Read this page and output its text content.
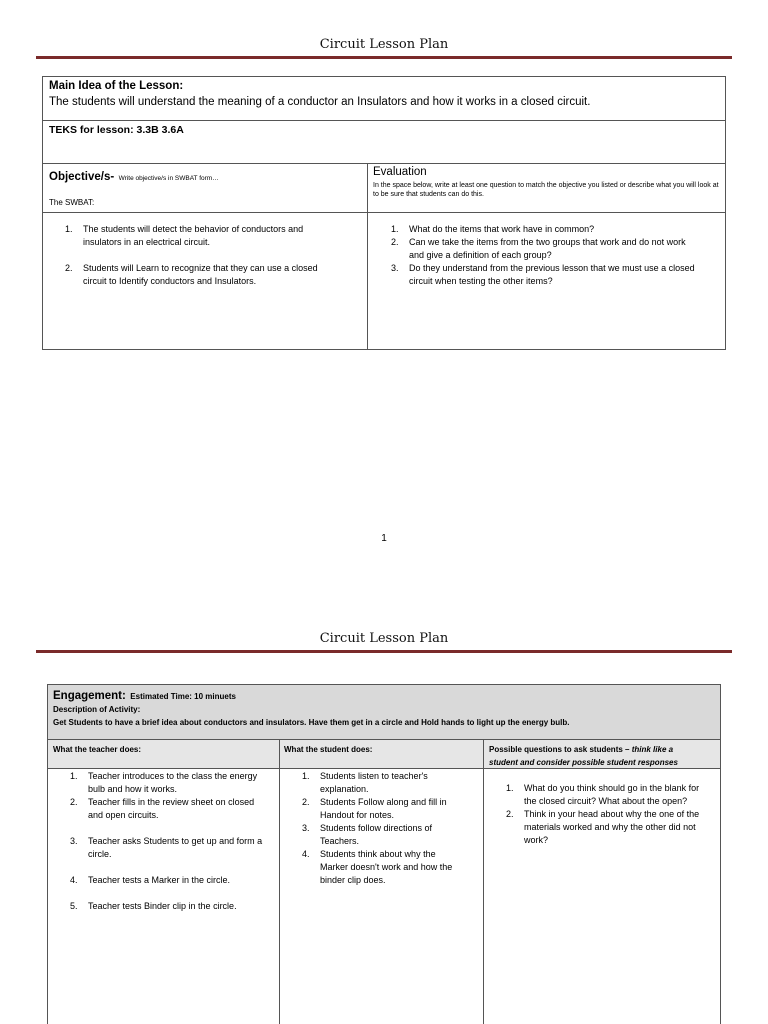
Circuit Lesson Plan
Main Idea of the Lesson:
The students will understand the meaning of a conductor an Insulators and how it works in a closed circuit.
TEKS for lesson: 3.3B 3.6A
Objective/s- Write objective/s in SWBAT form…
The SWBAT:
Evaluation
In the space below, write at least one question to match the objective you listed or describe what you will look at to be sure that students can do this.
1. The students will detect the behavior of conductors and
insulators in an electrical circuit.
2. Students will Learn to recognize that they can use a closed
circuit to Identify conductors and Insulators.
1. What do the items that work have in common?
2. Can we take the items from the two groups that work and do not work
and give a definition of each group?
3. Do they understand from the previous lesson that we must use a closed
circuit when testing the other items?
1
Circuit Lesson Plan
Engagement: Estimated Time: 10 minuets
Description of Activity:
Get Students to have a brief idea about conductors and insulators. Have them get in a circle and Hold hands to light up the energy bulb.
What the teacher does:	What the student does:	Possible questions to ask students – think like a
student and consider possible student responses
1. Teacher introduces to the class the energy
bulb and how it works.
2. Teacher fills in the review sheet on closed
and open circuits.
3. Teacher asks Students to get up and form a
circle.
4. Teacher tests a Marker in the circle.
5. Teacher tests Binder clip in the circle.
1. Students listen to teacher's
explanation.
2. Students Follow along and fill in
Handout for notes.
3. Students follow directions of
Teachers.
4. Students think about why the
Marker doesn't work and how the
binder clip does.
1. What do you think should go in the blank for
the closed circuit? What about the open?
2. Think in your head about why the one of the
materials worked and why the other did not
work?
